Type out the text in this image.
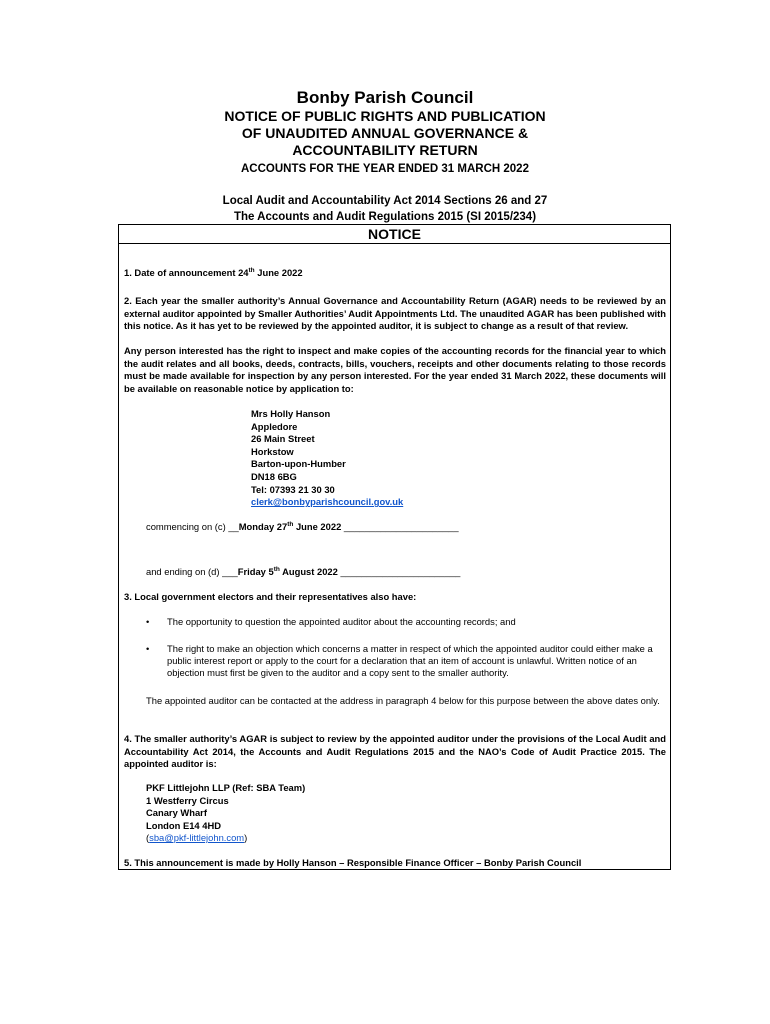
Bonby Parish Council
NOTICE OF PUBLIC RIGHTS AND PUBLICATION
OF UNAUDITED ANNUAL GOVERNANCE &
ACCOUNTABILITY RETURN
ACCOUNTS FOR THE YEAR ENDED 31 MARCH 2022
Local Audit and Accountability Act 2014 Sections 26 and 27
The Accounts and Audit Regulations 2015 (SI 2015/234)
NOTICE
1. Date of announcement 24th June 2022
2. Each year the smaller authority’s Annual Governance and Accountability Return (AGAR) needs to be reviewed by an external auditor appointed by Smaller Authorities’ Audit Appointments Ltd. The unaudited AGAR has been published with this notice. As it has yet to be reviewed by the appointed auditor, it is subject to change as a result of that review.
Any person interested has the right to inspect and make copies of the accounting records for the financial year to which the audit relates and all books, deeds, contracts, bills, vouchers, receipts and other documents relating to those records must be made available for inspection by any person interested. For the year ended 31 March 2022, these documents will be available on reasonable notice by application to:
Mrs Holly Hanson
Appledore
26 Main Street
Horkstow
Barton-upon-Humber
DN18 6BG
Tel: 07393 21 30 30
clerk@bonbyparishcouncil.gov.uk
commencing on (c) __Monday 27th June 2022 ______________________
and ending on (d) ___Friday 5th August 2022 _______________________
3. Local government electors and their representatives also have:
• The opportunity to question the appointed auditor about the accounting records; and
• The right to make an objection which concerns a matter in respect of which the appointed auditor could either make a public interest report or apply to the court for a declaration that an item of account is unlawful. Written notice of an objection must first be given to the auditor and a copy sent to the smaller authority.
The appointed auditor can be contacted at the address in paragraph 4 below for this purpose between the above dates only.
4. The smaller authority’s AGAR is subject to review by the appointed auditor under the provisions of the Local Audit and Accountability Act 2014, the Accounts and Audit Regulations 2015 and the NAO’s Code of Audit Practice 2015. The appointed auditor is:
PKF Littlejohn LLP (Ref: SBA Team)
1 Westferry Circus
Canary Wharf
London E14 4HD
(sba@pkf-littlejohn.com)
5. This announcement is made by Holly Hanson – Responsible Finance Officer – Bonby Parish Council
